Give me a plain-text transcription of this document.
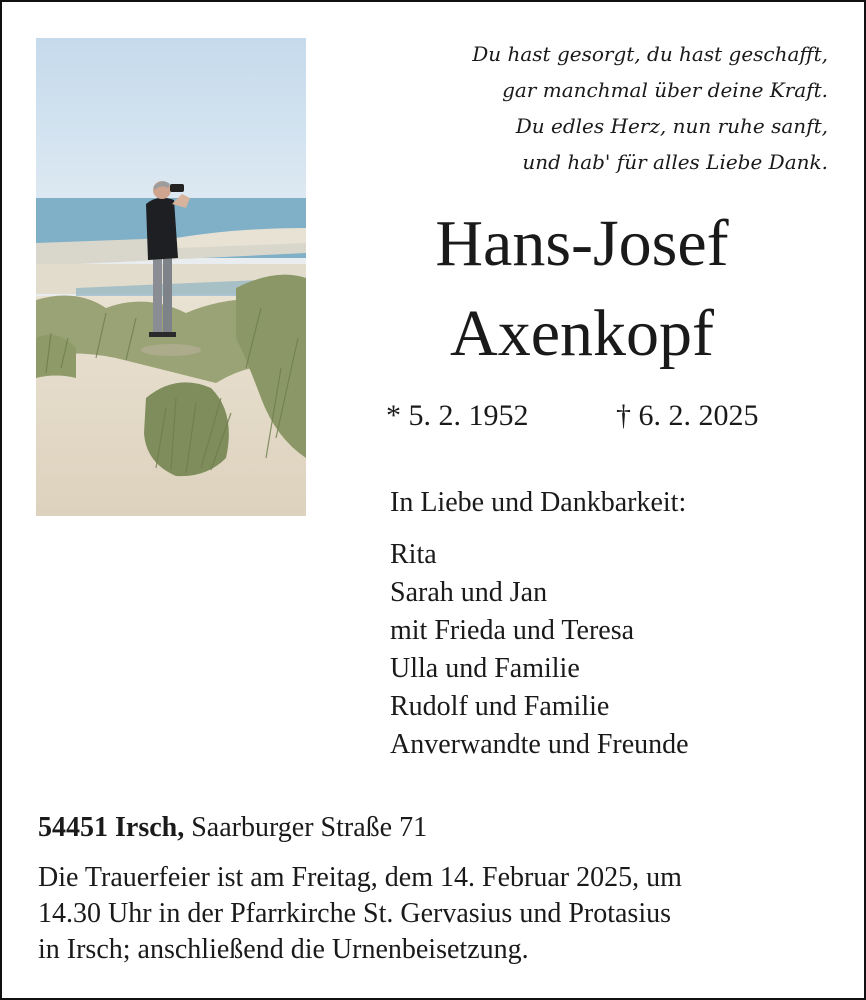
Du hast gesorgt, du hast geschafft,
gar manchmal über deine Kraft.
Du edles Herz, nun ruhe sanft,
und hab' für alles Liebe Dank.
Hans-Josef
Axenkopf
* 5. 2. 1952	† 6. 2. 2025
In Liebe und Dankbarkeit:
Rita
Sarah und Jan
mit Frieda und Teresa
Ulla und Familie
Rudolf und Familie
Anverwandte und Freunde
54451 Irsch, Saarburger Straße 71
Die Trauerfeier ist am Freitag, dem 14. Februar 2025, um
14.30 Uhr in der Pfarrkirche St. Gervasius und Protasius
in Irsch; anschließend die Urnenbeisetzung.
